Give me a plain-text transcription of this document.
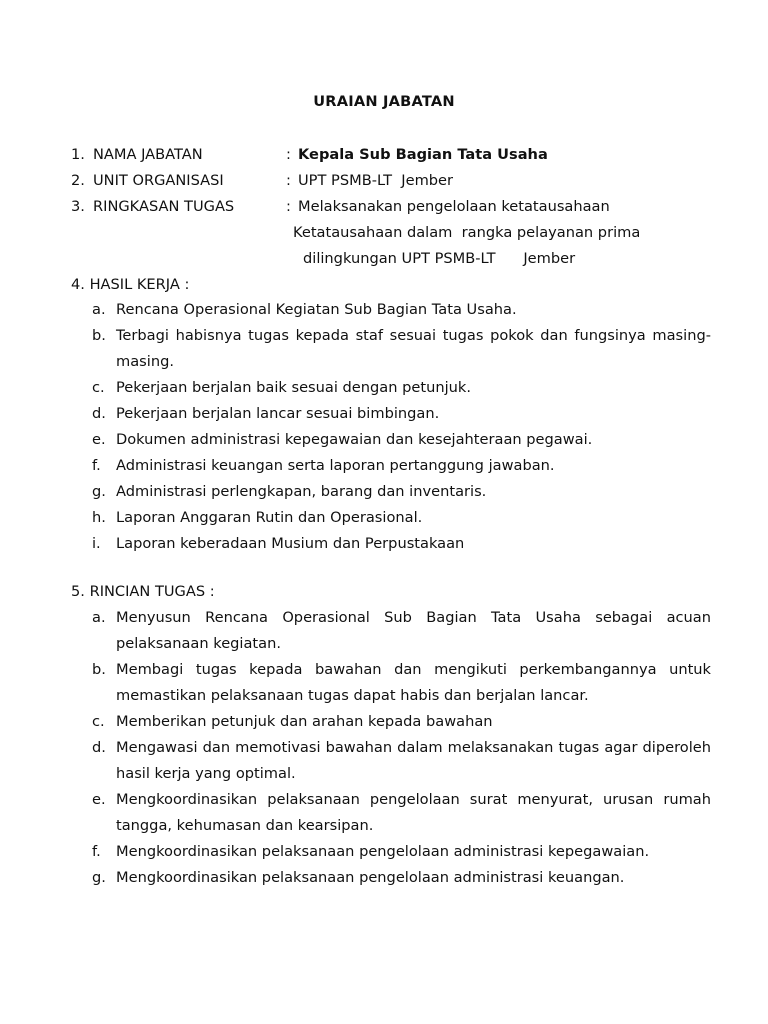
URAIAN JABATAN
1. NAMA JABATAN	: Kepala Sub Bagian Tata Usaha
2. UNIT ORGANISASI	: UPT PSMB-LT  Jember
3. RINGKASAN TUGAS	: Melaksanakan pengelolaan ketatausahaan
Ketatausahaan dalam  rangka pelayanan prima
dilingkungan UPT PSMB-LT      Jember
4. HASIL KERJA :
a. Rencana Operasional Kegiatan Sub Bagian Tata Usaha.
b. Terbagi habisnya tugas kepada staf sesuai tugas pokok dan fungsinya masing-masing.
c. Pekerjaan berjalan baik sesuai dengan petunjuk.
d. Pekerjaan berjalan lancar sesuai bimbingan.
e. Dokumen administrasi kepegawaian dan kesejahteraan pegawai.
f. Administrasi keuangan serta laporan pertanggung jawaban.
g. Administrasi perlengkapan, barang dan inventaris.
h. Laporan Anggaran Rutin dan Operasional.
i. Laporan keberadaan Musium dan Perpustakaan
5. RINCIAN TUGAS :
a. Menyusun Rencana Operasional Sub Bagian Tata Usaha sebagai acuan pelaksanaan kegiatan.
b. Membagi tugas kepada bawahan dan mengikuti perkembangannya untuk memastikan pelaksanaan tugas dapat habis dan berjalan lancar.
c. Memberikan petunjuk dan arahan kepada bawahan
d. Mengawasi dan memotivasi bawahan dalam melaksanakan tugas agar diperoleh hasil kerja yang optimal.
e. Mengkoordinasikan pelaksanaan pengelolaan surat menyurat, urusan rumah tangga, kehumasan dan kearsipan.
f. Mengkoordinasikan pelaksanaan pengelolaan administrasi kepegawaian.
g. Mengkoordinasikan pelaksanaan pengelolaan administrasi keuangan.
